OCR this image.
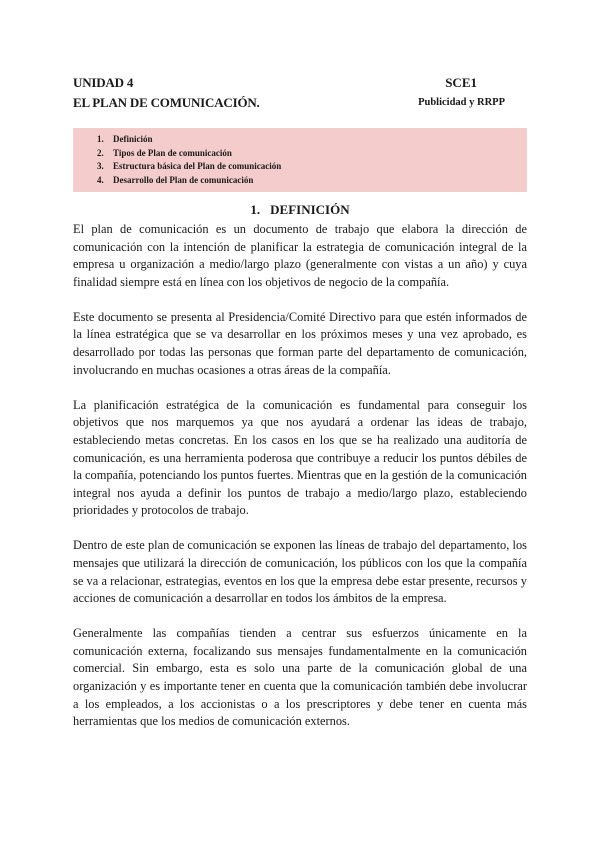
UNIDAD 4
EL PLAN DE COMUNICACIÓN.
SCE1
Publicidad y RRPP
1.	Definición
2.	Tipos de Plan de comunicación
3.	Estructura básica del Plan de comunicación
4.	Desarrollo del Plan de comunicación
1. DEFINICIÓN

El plan de comunicación es un documento de trabajo que elabora la dirección de comunicación con la intención de planificar la estrategia de comunicación integral de la empresa u organización a medio/largo plazo (generalmente con vistas a un año) y cuya finalidad siempre está en línea con los objetivos de negocio de la compañía.

Este documento se presenta al Presidencia/Comité Directivo para que estén informados de la línea estratégica que se va desarrollar en los próximos meses y una vez aprobado, es desarrollado por todas las personas que forman parte del departamento de comunicación, involucrando en muchas ocasiones a otras áreas de la compañía.

La planificación estratégica de la comunicación es fundamental para conseguir los objetivos que nos marquemos ya que nos ayudará a ordenar las ideas de trabajo, estableciendo metas concretas. En los casos en los que se ha realizado una auditoría de comunicación, es una herramienta poderosa que contribuye a reducir los puntos débiles de la compañía, potenciando los puntos fuertes. Mientras que en la gestión de la comunicación integral nos ayuda a definir los puntos de trabajo a medio/largo plazo, estableciendo prioridades y protocolos de trabajo.

Dentro de este plan de comunicación se exponen las líneas de trabajo del departamento, los mensajes que utilizará la dirección de comunicación, los públicos con los que la compañía se va a relacionar, estrategias, eventos en los que la empresa debe estar presente, recursos y acciones de comunicación a desarrollar en todos los ámbitos de la empresa.

Generalmente las compañías tienden a centrar sus esfuerzos únicamente en la comunicación externa, focalizando sus mensajes fundamentalmente en la comunicación comercial. Sin embargo, esta es solo una parte de la comunicación global de una organización y es importante tener en cuenta que la comunicación también debe involucrar a los empleados, a los accionistas o a los prescriptores y debe tener en cuenta más herramientas que los medios de comunicación externos.
